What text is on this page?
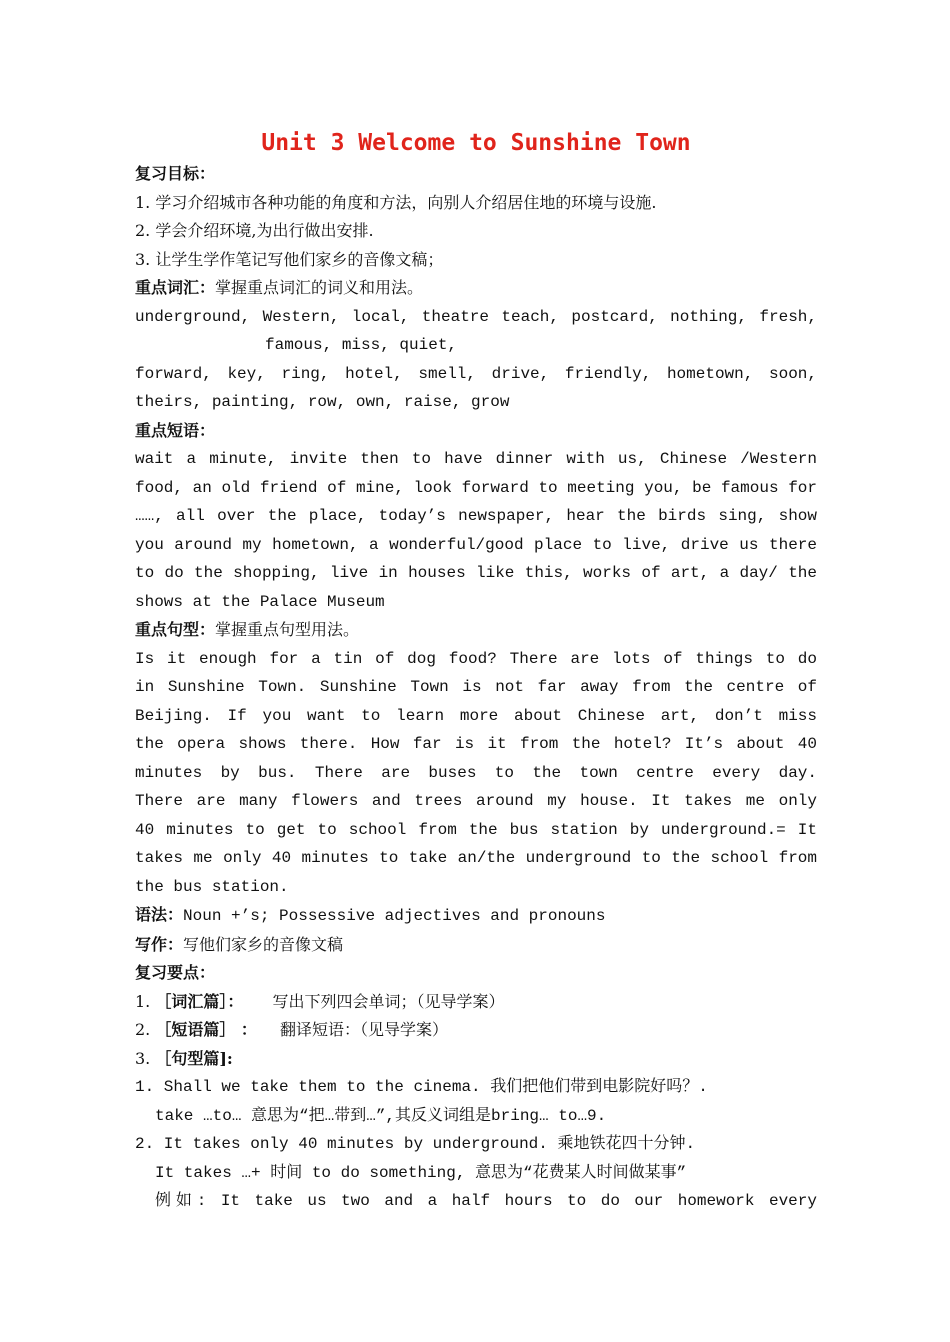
Unit 3 Welcome to Sunshine Town
复习目标：
1. 学习介绍城市各种功能的角度和方法，向别人介绍居住地的环境与设施.
2. 学会介绍环境,为出行做出安排.
3. 让学生学作笔记写他们家乡的音像文稿；
重点词汇：掌握重点词汇的词义和用法。
underground, Western, local, theatre teach, postcard, nothing, fresh,
famous, miss, quiet,
forward, key, ring, hotel, smell, drive, friendly, hometown, soon,
theirs, painting, row, own, raise, grow
重点短语：
wait a minute, invite then to have dinner with us, Chinese /Western
food, an old friend of mine, look forward to meeting you, be famous for
……, all over the place, today’s newspaper, hear the birds sing, show
you around my hometown, a wonderful/good place to live, drive us there
to do the shopping, live in houses like this, works of art, a day/ the
shows at the Palace Museum
重点句型：掌握重点句型用法。
Is it enough for a tin of dog food? There are lots of things to do
in Sunshine Town. Sunshine Town is not far away from the centre of
Beijing. If you want to learn more about Chinese art, don’t miss
the opera shows there. How far is it from the hotel? It’s about 40
minutes by bus. There are buses to the town centre every day.
There are many flowers and trees around my house. It takes me only
40 minutes to get to school from the bus station by underground.= It
takes me only 40 minutes to take an/the underground to the school from
the bus station.
语法：Noun +’s; Possessive adjectives and pronouns
写作：写他们家乡的音像文稿
复习要点：
1. ［词汇篇］： 写出下列四会单词；（见导学案）
2. ［短语篇］ ： 翻译短语：（见导学案）
3. ［句型篇]:
1. Shall we take them to the cinema. 我们把他们带到电影院好吗？.
take …to… 意思为“把…带到…”,其反义词组是bring… to…9.
2. It takes only 40 minutes by underground. 乘地铁花四十分钟.
It takes …+ 时间 to do something, 意思为“花费某人时间做某事”
例如: It take us two and a half hours to do our homework every
